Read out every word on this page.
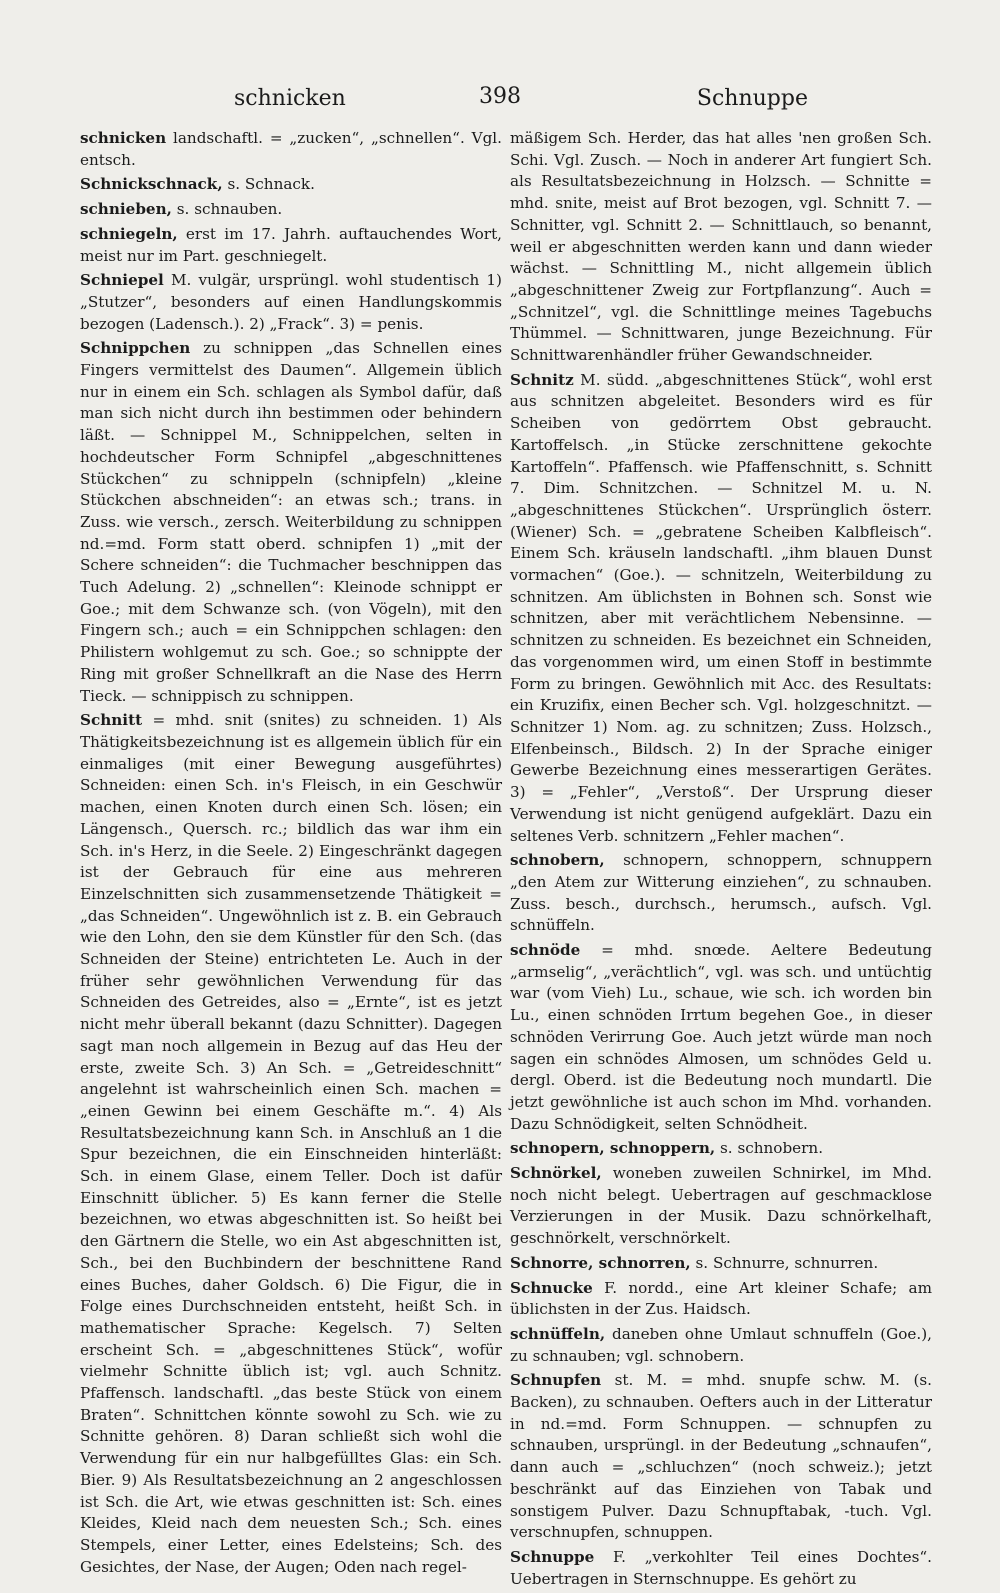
schnicken	398	Schnuppe

schnicken landschaftl. = „zucken“, „schnellen“. Vgl. entsch.

Schnickschnack, s. Schnack.

schnieben, s. schnauben.

schniegeln, erst im 17. Jahrh. auftauchendes Wort, meist nur im Part. geschniegelt.

Schniepel M. vulgär, ursprüngl. wohl studentisch 1) „Stutzer“, besonders auf einen Handlungskommis bezogen (Ladensch.). 2) „Frack“. 3) = penis.

Schnippchen zu schnippen „das Schnellen eines Fingers vermittelst des Daumen“. Allgemein üblich nur in einem ein Sch. schlagen als Symbol dafür, daß man sich nicht durch ihn bestimmen oder behindern läßt. — Schnippel M., Schnippelchen, selten in hochdeutscher Form Schnipfel „abgeschnittenes Stückchen“ zu schnippeln (schnipfeln) „kleine Stückchen abschneiden“: an etwas sch.; trans. in Zuss. wie versch., zersch. Weiterbildung zu schnippen nd.=md. Form statt oberd. schnipfen 1) „mit der Schere schneiden“: die Tuchmacher beschnippen das Tuch Adelung. 2) „schnellen“: Kleinode schnippt er Goe.; mit dem Schwanze sch. (von Vögeln), mit den Fingern sch.; auch = ein Schnippchen schlagen: den Philistern wohlgemut zu sch. Goe.; so schnippte der Ring mit großer Schnellkraft an die Nase des Herrn Tieck. — schnippisch zu schnippen.

Schnitt = mhd. snit (snites) zu schneiden. 1) Als Thätigkeitsbezeichnung ist es allgemein üblich für ein einmaliges (mit einer Bewegung ausgeführtes) Schneiden: einen Sch. in's Fleisch, in ein Geschwür machen, einen Knoten durch einen Sch. lösen; ein Längensch., Quersch. rc.; bildlich das war ihm ein Sch. in's Herz, in die Seele. 2) Eingeschränkt dagegen ist der Gebrauch für eine aus mehreren Einzelschnitten sich zusammensetzende Thätigkeit = „das Schneiden“. Ungewöhnlich ist z. B. ein Gebrauch wie den Lohn, den sie dem Künstler für den Sch. (das Schneiden der Steine) entrichteten Le. Auch in der früher sehr gewöhnlichen Verwendung für das Schneiden des Getreides, also = „Ernte“, ist es jetzt nicht mehr überall bekannt (dazu Schnitter). Dagegen sagt man noch allgemein in Bezug auf das Heu der erste, zweite Sch. 3) An Sch. = „Getreideschnitt“ angelehnt ist wahrscheinlich einen Sch. machen = „einen Gewinn bei einem Geschäfte m.“. 4) Als Resultatsbezeichnung kann Sch. in Anschluß an 1 die Spur bezeichnen, die ein Einschneiden hinterläßt: Sch. in einem Glase, einem Teller. Doch ist dafür Einschnitt üblicher. 5) Es kann ferner die Stelle bezeichnen, wo etwas abgeschnitten ist. So heißt bei den Gärtnern die Stelle, wo ein Ast abgeschnitten ist, Sch., bei den Buchbindern der beschnittene Rand eines Buches, daher Goldsch. 6) Die Figur, die in Folge eines Durchschneiden entsteht, heißt Sch. in mathematischer Sprache: Kegelsch. 7) Selten erscheint Sch. = „abgeschnittenes Stück“, wofür vielmehr Schnitte üblich ist; vgl. auch Schnitz. Pfaffensch. landschaftl. „das beste Stück von einem Braten“. Schnittchen könnte sowohl zu Sch. wie zu Schnitte gehören. 8) Daran schließt sich wohl die Verwendung für ein nur halbgefülltes Glas: ein Sch. Bier. 9) Als Resultatsbezeichnung an 2 angeschlossen ist Sch. die Art, wie etwas geschnitten ist: Sch. eines Kleides, Kleid nach dem neuesten Sch.; Sch. eines Stempels, einer Letter, eines Edelsteins; Sch. des Gesichtes, der Nase, der Augen; Oden nach regel-

mäßigem Sch. Herder, das hat alles 'nen großen Sch. Schi. Vgl. Zusch. — Noch in anderer Art fungiert Sch. als Resultatsbezeichnung in Holzsch. — Schnitte = mhd. snite, meist auf Brot bezogen, vgl. Schnitt 7. — Schnitter, vgl. Schnitt 2. — Schnittlauch, so benannt, weil er abgeschnitten werden kann und dann wieder wächst. — Schnittling M., nicht allgemein üblich „abgeschnittener Zweig zur Fortpflanzung“. Auch = „Schnitzel“, vgl. die Schnittlinge meines Tagebuchs Thümmel. — Schnittwaren, junge Bezeichnung. Für Schnittwarenhändler früher Gewandschneider.

Schnitz M. südd. „abgeschnittenes Stück“, wohl erst aus schnitzen abgeleitet. Besonders wird es für Scheiben von gedörrtem Obst gebraucht. Kartoffelsch. „in Stücke zerschnittene gekochte Kartoffeln“. Pfaffensch. wie Pfaffenschnitt, s. Schnitt 7. Dim. Schnitzchen. — Schnitzel M. u. N. „abgeschnittenes Stückchen“. Ursprünglich österr. (Wiener) Sch. = „gebratene Scheiben Kalbfleisch“. Einem Sch. kräuseln landschaftl. „ihm blauen Dunst vormachen“ (Goe.). — schnitzeln, Weiterbildung zu schnitzen. Am üblichsten in Bohnen sch. Sonst wie schnitzen, aber mit verächtlichem Nebensinne. — schnitzen zu schneiden. Es bezeichnet ein Schneiden, das vorgenommen wird, um einen Stoff in bestimmte Form zu bringen. Gewöhnlich mit Acc. des Resultats: ein Kruzifix, einen Becher sch. Vgl. holzgeschnitzt. — Schnitzer 1) Nom. ag. zu schnitzen; Zuss. Holzsch., Elfenbeinsch., Bildsch. 2) In der Sprache einiger Gewerbe Bezeichnung eines messerartigen Gerätes. 3) = „Fehler“, „Verstoß“. Der Ursprung dieser Verwendung ist nicht genügend aufgeklärt. Dazu ein seltenes Verb. schnitzern „Fehler machen“.

schnobern, schnopern, schnoppern, schnuppern „den Atem zur Witterung einziehen“, zu schnauben. Zuss. besch., durchsch., herumsch., aufsch. Vgl. schnüffeln.

schnöde = mhd. snœde. Aeltere Bedeutung „armselig“, „verächtlich“, vgl. was sch. und untüchtig war (vom Vieh) Lu., schaue, wie sch. ich worden bin Lu., einen schnöden Irrtum begehen Goe., in dieser schnöden Verirrung Goe. Auch jetzt würde man noch sagen ein schnödes Almosen, um schnödes Geld u. dergl. Oberd. ist die Bedeutung noch mundartl. Die jetzt gewöhnliche ist auch schon im Mhd. vorhanden. Dazu Schnödigkeit, selten Schnödheit.

schnopern, schnoppern, s. schnobern.

Schnörkel, woneben zuweilen Schnirkel, im Mhd. noch nicht belegt. Uebertragen auf geschmacklose Verzierungen in der Musik. Dazu schnörkelhaft, geschnörkelt, verschnörkelt.

Schnorre, schnorren, s. Schnurre, schnurren.

Schnucke F. nordd., eine Art kleiner Schafe; am üblichsten in der Zus. Haidsch.

schnüffeln, daneben ohne Umlaut schnuffeln (Goe.), zu schnauben; vgl. schnobern.

Schnupfen st. M. = mhd. snupfe schw. M. (s. Backen), zu schnauben. Oefters auch in der Litteratur in nd.=md. Form Schnuppen. — schnupfen zu schnauben, ursprüngl. in der Bedeutung „schnaufen“, dann auch = „schluchzen“ (noch schweiz.); jetzt beschränkt auf das Einziehen von Tabak und sonstigem Pulver. Dazu Schnupftabak, -tuch. Vgl. verschnupfen, schnuppen.

Schnuppe F. „verkohlter Teil eines Dochtes“. Uebertragen in Sternschnuppe. Es gehört zu
